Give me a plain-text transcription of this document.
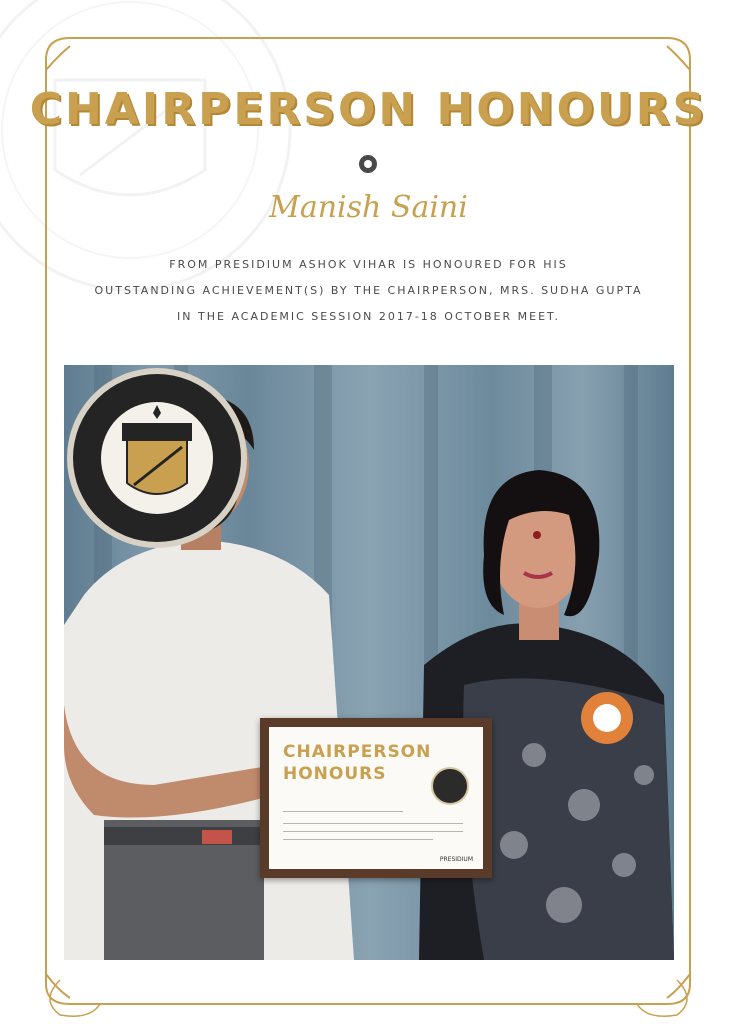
CHAIRPERSON HONOURS
Manish Saini
FROM PRESIDIUM ASHOK VIHAR IS HONOURED FOR HIS
OUTSTANDING ACHIEVEMENT(S) BY THE CHAIRPERSON, MRS. SUDHA GUPTA
IN THE ACADEMIC SESSION 2017-18 OCTOBER MEET.
CHAIRPERSON
HONOURS
PRESIDIUM
